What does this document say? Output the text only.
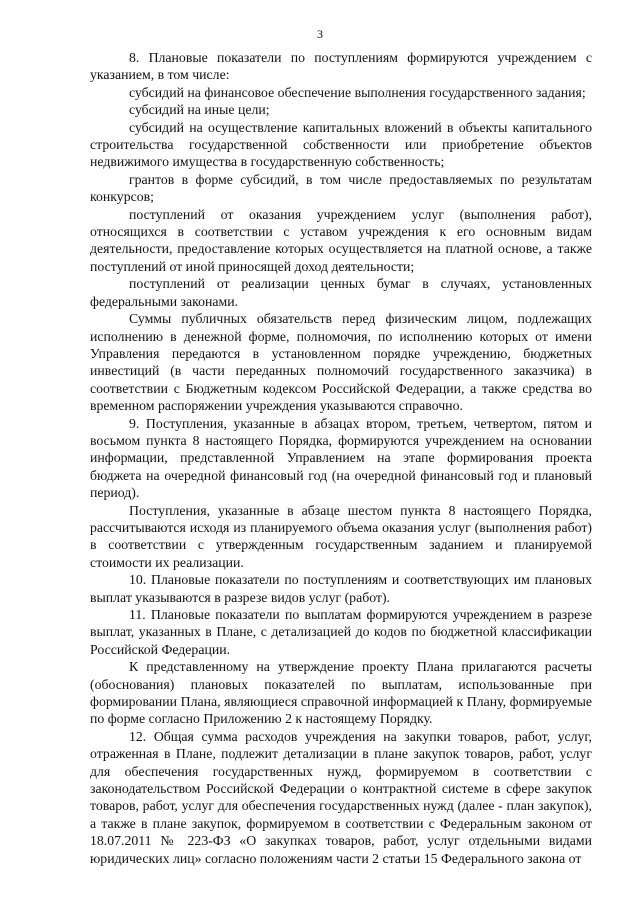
3

8. Плановые показатели по поступлениям формируются учреждением с указанием, в том числе:

субсидий на финансовое обеспечение выполнения государственного задания;

субсидий на иные цели;

субсидий на осуществление капитальных вложений в объекты капитального строительства государственной собственности или приобретение объектов недвижимого имущества в государственную собственность;

грантов в форме субсидий, в том числе предоставляемых по результатам конкурсов;

поступлений от оказания учреждением услуг (выполнения работ), относящихся в соответствии с уставом учреждения к его основным видам деятельности, предоставление которых осуществляется на платной основе, а также поступлений от иной приносящей доход деятельности;

поступлений от реализации ценных бумаг в случаях, установленных федеральными законами.

Суммы публичных обязательств перед физическим лицом, подлежащих исполнению в денежной форме, полномочия, по исполнению которых от имени Управления передаются в установленном порядке учреждению, бюджетных инвестиций (в части переданных полномочий государственного заказчика) в соответствии с Бюджетным кодексом Российской Федерации, а также средства во временном распоряжении учреждения указываются справочно.

9. Поступления, указанные в абзацах втором, третьем, четвертом, пятом и восьмом пункта 8 настоящего Порядка, формируются учреждением на основании информации, представленной Управлением на этапе формирования проекта бюджета на очередной финансовый год (на очередной финансовый год и плановый период).

Поступления, указанные в абзаце шестом пункта 8 настоящего Порядка, рассчитываются исходя из планируемого объема оказания услуг (выполнения работ) в соответствии с утвержденным государственным заданием и планируемой стоимости их реализации.

10. Плановые показатели по поступлениям и соответствующих им плановых выплат указываются в разрезе видов услуг (работ).

11. Плановые показатели по выплатам формируются учреждением в разрезе выплат, указанных в Плане, с детализацией до кодов по бюджетной классификации Российской Федерации.

К представленному на утверждение проекту Плана прилагаются расчеты (обоснования) плановых показателей по выплатам, использованные при формировании Плана, являющиеся справочной информацией к Плану, формируемые по форме согласно Приложению 2 к настоящему Порядку.

12. Общая сумма расходов учреждения на закупки товаров, работ, услуг, отраженная в Плане, подлежит детализации в плане закупок товаров, работ, услуг для обеспечения государственных нужд, формируемом в соответствии с законодательством Российской Федерации о контрактной системе в сфере закупок товаров, работ, услуг для обеспечения государственных нужд (далее - план закупок), а также в плане закупок, формируемом в соответствии с Федеральным законом от 18.07.2011 № 223-ФЗ «О закупках товаров, работ, услуг отдельными видами юридических лиц» согласно положениям части 2 статьи 15 Федерального закона от
